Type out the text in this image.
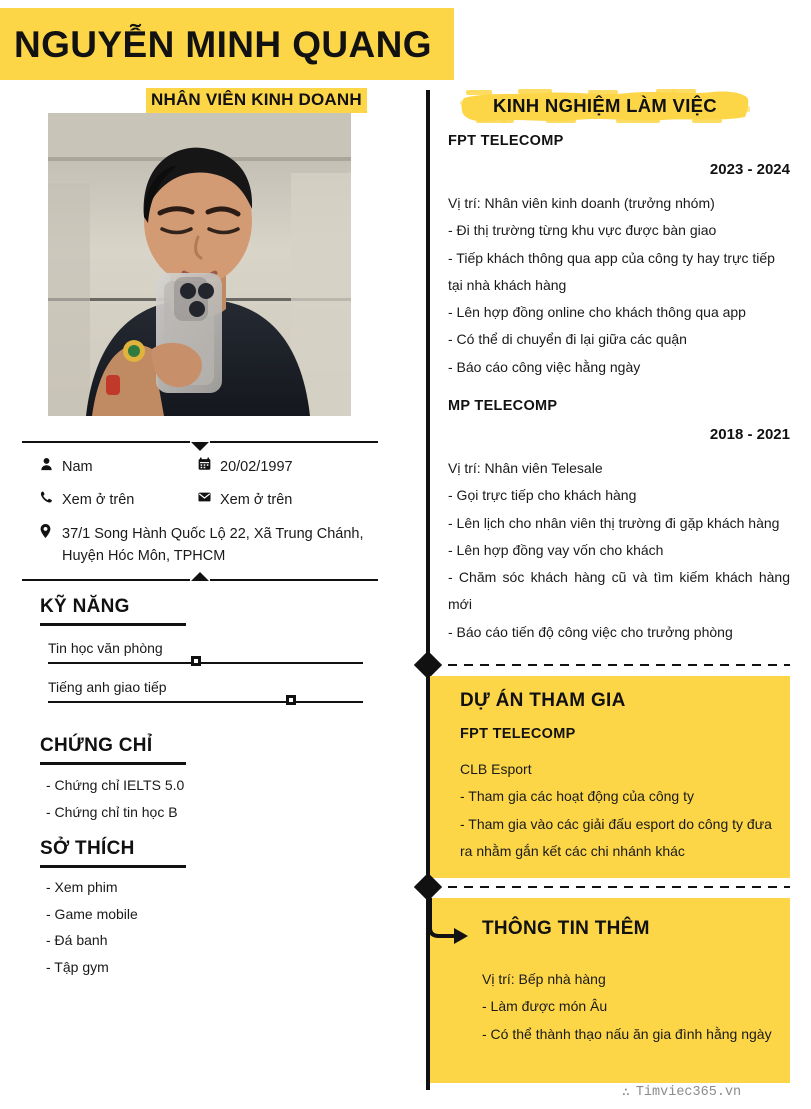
NGUYỄN MINH QUANG
NHÂN VIÊN KINH DOANH
Nam	20/02/1997
Xem ở trên	Xem ở trên
37/1 Song Hành Quốc Lộ 22, Xã Trung Chánh, Huyện Hóc Môn, TPHCM
KỸ NĂNG
Tin học văn phòng
Tiếng anh giao tiếp
CHỨNG CHỈ
- Chứng chỉ IELTS 5.0
- Chứng chỉ tin học B
SỞ THÍCH
- Xem phim
- Game mobile
- Đá banh
- Tập gym
KINH NGHIỆM LÀM VIỆC
FPT TELECOMP
2023 - 2024

Vị trí: Nhân viên kinh doanh (trưởng nhóm)

- Đi thị trường từng khu vực được bàn giao

- Tiếp khách thông qua app của công ty hay trực tiếp tại nhà khách hàng

- Lên hợp đồng online cho khách thông qua app

- Có thể di chuyển đi lại giữa các quận

- Báo cáo công việc hằng ngày

MP TELECOMP
2018 - 2021

Vị trí: Nhân viên Telesale

- Gọi trực tiếp cho khách hàng

- Lên lịch cho nhân viên thị trường đi gặp khách hàng

- Lên hợp đồng vay vốn cho khách

- Chăm sóc khách hàng cũ và tìm kiếm khách hàng mới

- Báo cáo tiến độ công việc cho trưởng phòng

DỰ ÁN THAM GIA
FPT TELECOMP

CLB Esport

- Tham gia các hoạt động của công ty

- Tham gia vào các giải đấu esport do công ty đưa ra nhằm gắn kết các chi nhánh khác

THÔNG TIN THÊM

Vị trí: Bếp nhà hàng

- Làm được món Âu

- Có thể thành thạo nấu ăn gia đình hằng ngày

∴ Timviec365.vn
